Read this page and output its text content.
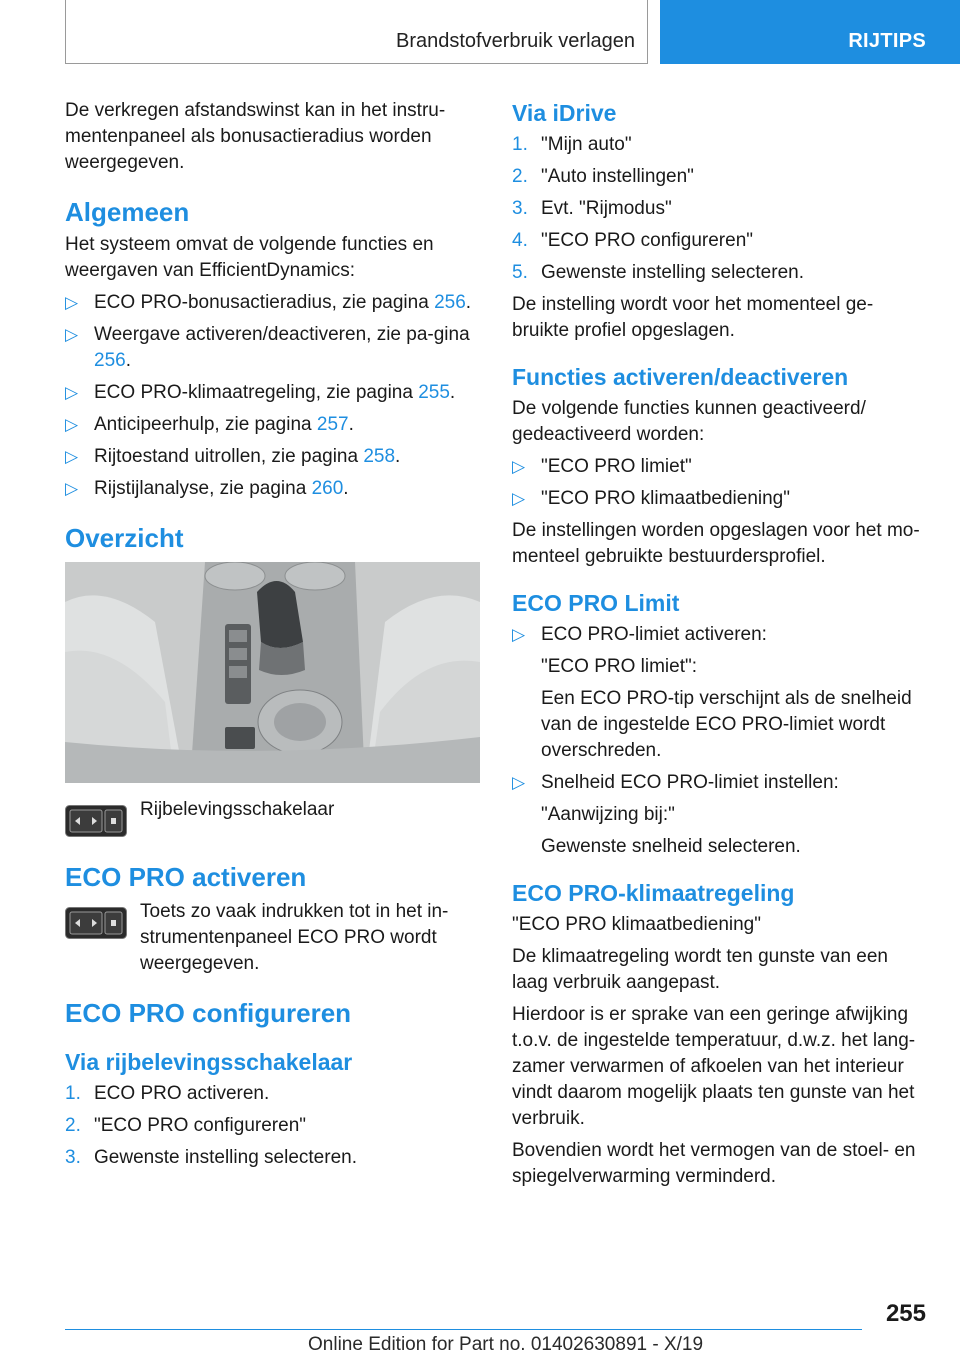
Brandstofverbruik verlagen	RIJTIPS

De verkregen afstandswinst kan in het instru-mentenpaneel als bonusactieradius worden weergegeven.

Algemeen

Het systeem omvat de volgende functies en weergaven van EfficientDynamics:

▷ ECO PRO-bonusactieradius, zie pagina 256.
▷ Weergave activeren/deactiveren, zie pa-gina 256.
▷ ECO PRO-klimaatregeling, zie pagina 255.
▷ Anticipeerhulp, zie pagina 257.
▷ Rijtoestand uitrollen, zie pagina 258.
▷ Rijstijlanalyse, zie pagina 260.
Overzicht
Rijbelevingsschakelaar
ECO PRO activeren
Toets zo vaak indrukken tot in het in-strumentenpaneel ECO PRO wordt weergegeven.
ECO PRO configureren
Via rijbelevingsschakelaar
1. ECO PRO activeren.
2. "ECO PRO configureren"
3. Gewenste instelling selecteren.
Via iDrive
1. "Mijn auto"
2. "Auto instellingen"
3. Evt. "Rijmodus"
4. "ECO PRO configureren"
5. Gewenste instelling selecteren.

De instelling wordt voor het momenteel ge-bruikte profiel opgeslagen.

Functies activeren/deactiveren

De volgende functies kunnen geactiveerd/ gedeactiveerd worden:

▷ "ECO PRO limiet"
▷ "ECO PRO klimaatbediening"

De instellingen worden opgeslagen voor het mo-menteel gebruikte bestuurdersprofiel.

ECO PRO Limit
▷ ECO PRO-limiet activeren:
"ECO PRO limiet":
Een ECO PRO-tip verschijnt als de snelheid van de ingestelde ECO PRO-limiet wordt overschreden.
▷ Snelheid ECO PRO-limiet instellen:
"Aanwijzing bij:"
Gewenste snelheid selecteren.
ECO PRO-klimaatregeling

"ECO PRO klimaatbediening"

De klimaatregeling wordt ten gunste van een laag verbruik aangepast.

Hierdoor is er sprake van een geringe afwijking t.o.v. de ingestelde temperatuur, d.w.z. het lang-zamer verwarmen of afkoelen van het interieur vindt daarom mogelijk plaats ten gunste van het verbruik.

Bovendien wordt het vermogen van de stoel- en spiegelverwarming verminderd.

255
Online Edition for Part no. 01402630891 - X/19
